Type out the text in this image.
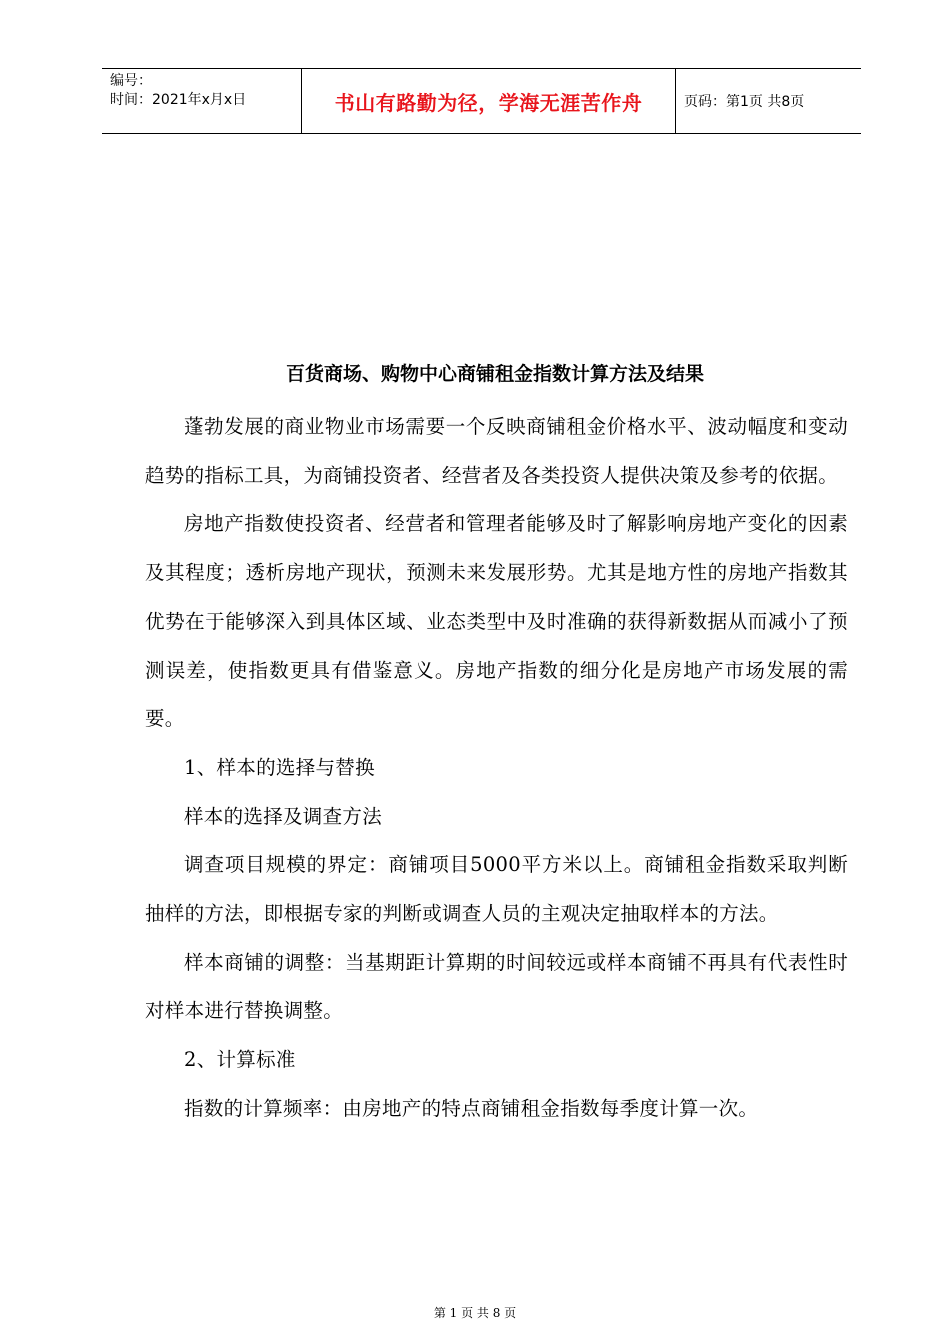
编号：
时间：2021年x月x日	书山有路勤为径，学海无涯苦作舟	页码：第1页 共8页
百货商场、购物中心商铺租金指数计算方法及结果

蓬勃发展的商业物业市场需要一个反映商铺租金价格水平、波动幅度和变动趋势的指标工具，为商铺投资者、经营者及各类投资人提供决策及参考的依据。

房地产指数使投资者、经营者和管理者能够及时了解影响房地产变化的因素及其程度；透析房地产现状，预测未来发展形势。尤其是地方性的房地产指数其优势在于能够深入到具体区域、业态类型中及时准确的获得新数据从而减小了预测误差，使指数更具有借鉴意义。房地产指数的细分化是房地产市场发展的需要。

1、样本的选择与替换

样本的选择及调查方法

调查项目规模的界定：商铺项目5000平方米以上。商铺租金指数采取判断抽样的方法，即根据专家的判断或调查人员的主观决定抽取样本的方法。

样本商铺的调整：当基期距计算期的时间较远或样本商铺不再具有代表性时对样本进行替换调整。

2、计算标准

指数的计算频率：由房地产的特点商铺租金指数每季度计算一次。

第 1 页 共 8 页
